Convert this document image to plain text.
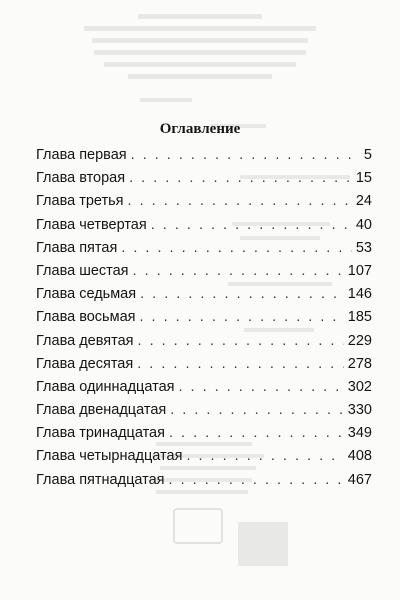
Оглавление
Глава первая . . .	5
Глава вторая . . .	15
Глава третья . . .	24
Глава четвертая . . .	40
Глава пятая . . .	53
Глава шестая . . .	107
Глава седьмая . . .	146
Глава восьмая . . .	185
Глава девятая . . .	229
Глава десятая . . .	278
Глава одиннадцатая . . .	302
Глава двенадцатая . . .	330
Глава тринадцатая . . .	349
Глава четырнадцатая . . .	408
Глава пятнадцатая . . .	467
